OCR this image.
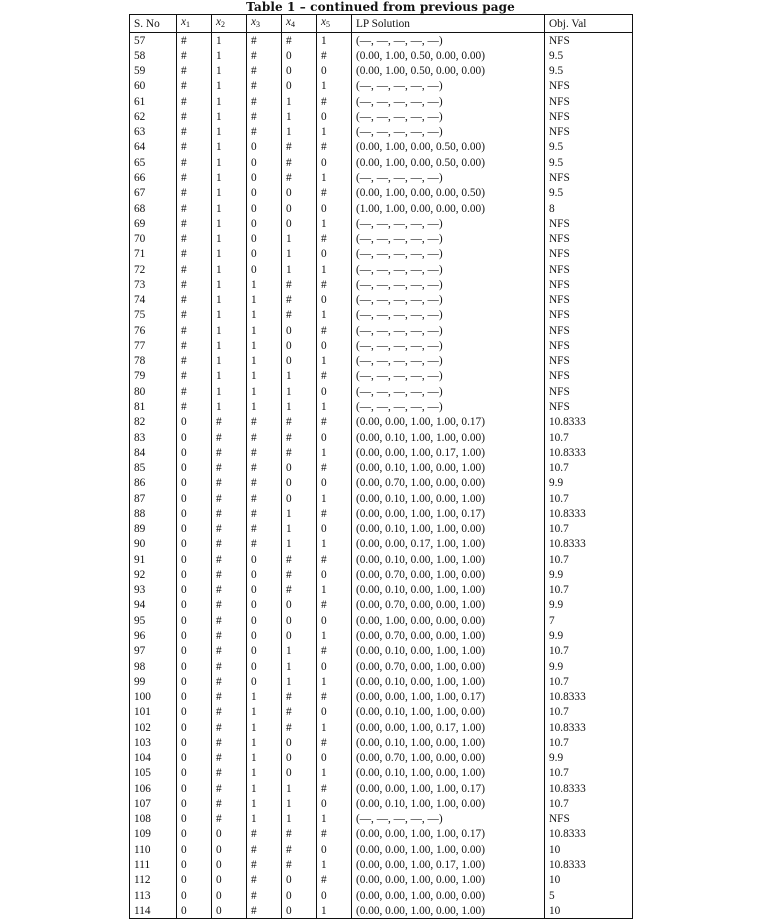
Table 1 – continued from previous page
S. No	$x_1$	$x_2$	$x_3$	$x_4$	$x_5$	LP Solution	Obj. Val
57	#	1	#	#	1	(—, —, —, —, —)	NFS
58	#	1	#	0	#	(0.00, 1.00, 0.50, 0.00, 0.00)	9.5
59	#	1	#	0	0	(0.00, 1.00, 0.50, 0.00, 0.00)	9.5
60	#	1	#	0	1	(—, —, —, —, —)	NFS
61	#	1	#	1	#	(—, —, —, —, —)	NFS
62	#	1	#	1	0	(—, —, —, —, —)	NFS
63	#	1	#	1	1	(—, —, —, —, —)	NFS
64	#	1	0	#	#	(0.00, 1.00, 0.00, 0.50, 0.00)	9.5
65	#	1	0	#	0	(0.00, 1.00, 0.00, 0.50, 0.00)	9.5
66	#	1	0	#	1	(—, —, —, —, —)	NFS
67	#	1	0	0	#	(0.00, 1.00, 0.00, 0.00, 0.50)	9.5
68	#	1	0	0	0	(1.00, 1.00, 0.00, 0.00, 0.00)	8
69	#	1	0	0	1	(—, —, —, —, —)	NFS
70	#	1	0	1	#	(—, —, —, —, —)	NFS
71	#	1	0	1	0	(—, —, —, —, —)	NFS
72	#	1	0	1	1	(—, —, —, —, —)	NFS
73	#	1	1	#	#	(—, —, —, —, —)	NFS
74	#	1	1	#	0	(—, —, —, —, —)	NFS
75	#	1	1	#	1	(—, —, —, —, —)	NFS
76	#	1	1	0	#	(—, —, —, —, —)	NFS
77	#	1	1	0	0	(—, —, —, —, —)	NFS
78	#	1	1	0	1	(—, —, —, —, —)	NFS
79	#	1	1	1	#	(—, —, —, —, —)	NFS
80	#	1	1	1	0	(—, —, —, —, —)	NFS
81	#	1	1	1	1	(—, —, —, —, —)	NFS
82	0	#	#	#	#	(0.00, 0.00, 1.00, 1.00, 0.17)	10.8333
83	0	#	#	#	0	(0.00, 0.10, 1.00, 1.00, 0.00)	10.7
84	0	#	#	#	1	(0.00, 0.00, 1.00, 0.17, 1.00)	10.8333
85	0	#	#	0	#	(0.00, 0.10, 1.00, 0.00, 1.00)	10.7
86	0	#	#	0	0	(0.00, 0.70, 1.00, 0.00, 0.00)	9.9
87	0	#	#	0	1	(0.00, 0.10, 1.00, 0.00, 1.00)	10.7
88	0	#	#	1	#	(0.00, 0.00, 1.00, 1.00, 0.17)	10.8333
89	0	#	#	1	0	(0.00, 0.10, 1.00, 1.00, 0.00)	10.7
90	0	#	#	1	1	(0.00, 0.00, 0.17, 1.00, 1.00)	10.8333
91	0	#	0	#	#	(0.00, 0.10, 0.00, 1.00, 1.00)	10.7
92	0	#	0	#	0	(0.00, 0.70, 0.00, 1.00, 0.00)	9.9
93	0	#	0	#	1	(0.00, 0.10, 0.00, 1.00, 1.00)	10.7
94	0	#	0	0	#	(0.00, 0.70, 0.00, 0.00, 1.00)	9.9
95	0	#	0	0	0	(0.00, 1.00, 0.00, 0.00, 0.00)	7
96	0	#	0	0	1	(0.00, 0.70, 0.00, 0.00, 1.00)	9.9
97	0	#	0	1	#	(0.00, 0.10, 0.00, 1.00, 1.00)	10.7
98	0	#	0	1	0	(0.00, 0.70, 0.00, 1.00, 0.00)	9.9
99	0	#	0	1	1	(0.00, 0.10, 0.00, 1.00, 1.00)	10.7
100	0	#	1	#	#	(0.00, 0.00, 1.00, 1.00, 0.17)	10.8333
101	0	#	1	#	0	(0.00, 0.10, 1.00, 1.00, 0.00)	10.7
102	0	#	1	#	1	(0.00, 0.00, 1.00, 0.17, 1.00)	10.8333
103	0	#	1	0	#	(0.00, 0.10, 1.00, 0.00, 1.00)	10.7
104	0	#	1	0	0	(0.00, 0.70, 1.00, 0.00, 0.00)	9.9
105	0	#	1	0	1	(0.00, 0.10, 1.00, 0.00, 1.00)	10.7
106	0	#	1	1	#	(0.00, 0.00, 1.00, 1.00, 0.17)	10.8333
107	0	#	1	1	0	(0.00, 0.10, 1.00, 1.00, 0.00)	10.7
108	0	#	1	1	1	(—, —, —, —, —)	NFS
109	0	0	#	#	#	(0.00, 0.00, 1.00, 1.00, 0.17)	10.8333
110	0	0	#	#	0	(0.00, 0.00, 1.00, 1.00, 0.00)	10
111	0	0	#	#	1	(0.00, 0.00, 1.00, 0.17, 1.00)	10.8333
112	0	0	#	0	#	(0.00, 0.00, 1.00, 0.00, 1.00)	10
113	0	0	#	0	0	(0.00, 0.00, 1.00, 0.00, 0.00)	5
114	0	0	#	0	1	(0.00, 0.00, 1.00, 0.00, 1.00)	10
